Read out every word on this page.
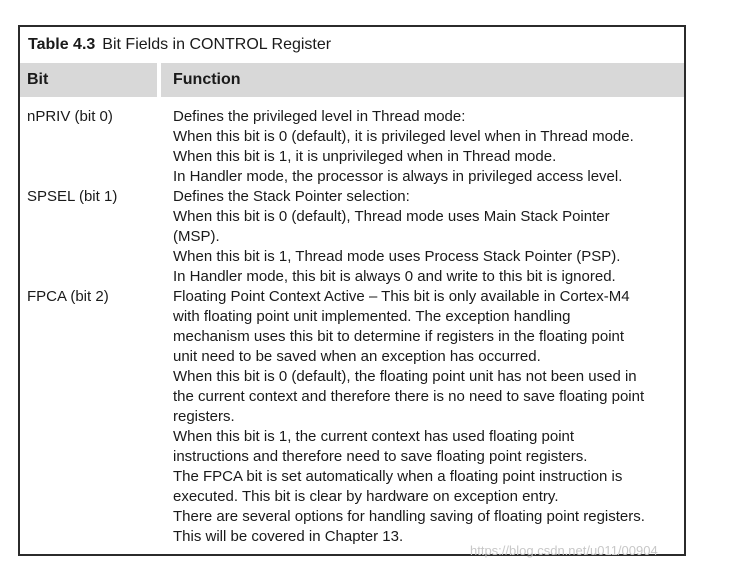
Table 4.3 Bit Fields in CONTROL Register
Bit	Function
nPRIV (bit 0)	Defines the privileged level in Thread mode:
When this bit is 0 (default), it is privileged level when in Thread mode.
When this bit is 1, it is unprivileged when in Thread mode.
In Handler mode, the processor is always in privileged access level.
SPSEL (bit 1)	Defines the Stack Pointer selection:
When this bit is 0 (default), Thread mode uses Main Stack Pointer
(MSP).
When this bit is 1, Thread mode uses Process Stack Pointer (PSP).
In Handler mode, this bit is always 0 and write to this bit is ignored.
FPCA (bit 2)	Floating Point Context Active – This bit is only available in Cortex-M4
with floating point unit implemented. The exception handling
mechanism uses this bit to determine if registers in the floating point
unit need to be saved when an exception has occurred.
When this bit is 0 (default), the floating point unit has not been used in
the current context and therefore there is no need to save floating point
registers.
When this bit is 1, the current context has used floating point
instructions and therefore need to save floating point registers.
The FPCA bit is set automatically when a floating point instruction is
executed. This bit is clear by hardware on exception entry.
There are several options for handling saving of floating point registers.
This will be covered in Chapter 13.
https://blog.csdn.net/u011/00904
